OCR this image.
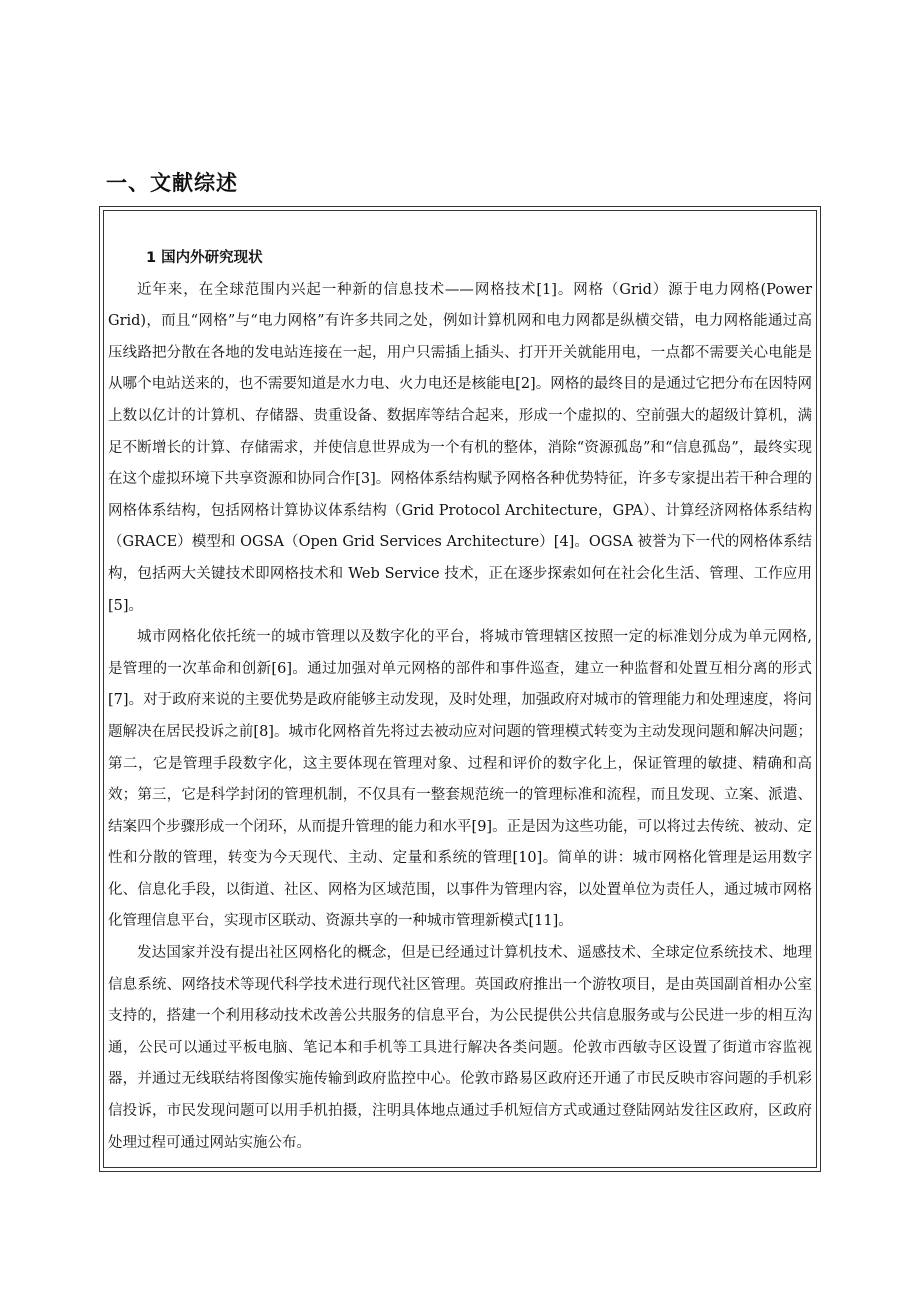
一、文献综述

1 国内外研究现状

近年来，在全球范围内兴起一种新的信息技术——网格技术[1]。网格（Grid）源于电力网格(Power Grid)，而且“网格”与“电力网格”有许多共同之处，例如计算机网和电力网都是纵横交错，电力网格能通过高压线路把分散在各地的发电站连接在一起，用户只需插上插头、打开开关就能用电，一点都不需要关心电能是从哪个电站送来的，也不需要知道是水力电、火力电还是核能电[2]。网格的最终目的是通过它把分布在因特网上数以亿计的计算机、存储器、贵重设备、数据库等结合起来，形成一个虚拟的、空前强大的超级计算机，满足不断增长的计算、存储需求，并使信息世界成为一个有机的整体，消除“资源孤岛”和“信息孤岛”，最终实现在这个虚拟环境下共享资源和协同合作[3]。网格体系结构赋予网格各种优势特征，许多专家提出若干种合理的网格体系结构，包括网格计算协议体系结构（Grid Protocol Architecture，GPA）、计算经济网格体系结构（GRACE）模型和 OGSA（Open Grid Services Architecture）[4]。OGSA 被誉为下一代的网格体系结构，包括两大关键技术即网格技术和 Web Service 技术，正在逐步探索如何在社会化生活、管理、工作应用[5]。

城市网格化依托统一的城市管理以及数字化的平台，将城市管理辖区按照一定的标准划分成为单元网格, 是管理的一次革命和创新[6]。通过加强对单元网格的部件和事件巡查，建立一种监督和处置互相分离的形式[7]。对于政府来说的主要优势是政府能够主动发现，及时处理，加强政府对城市的管理能力和处理速度，将问题解决在居民投诉之前[8]。城市化网格首先将过去被动应对问题的管理模式转变为主动发现问题和解决问题；第二，它是管理手段数字化，这主要体现在管理对象、过程和评价的数字化上，保证管理的敏捷、精确和高效；第三，它是科学封闭的管理机制，不仅具有一整套规范统一的管理标准和流程，而且发现、立案、派遣、结案四个步骤形成一个闭环，从而提升管理的能力和水平[9]。正是因为这些功能，可以将过去传统、被动、定性和分散的管理，转变为今天现代、主动、定量和系统的管理[10]。简单的讲：城市网格化管理是运用数字化、信息化手段，以街道、社区、网格为区域范围，以事件为管理内容，以处置单位为责任人，通过城市网格化管理信息平台，实现市区联动、资源共享的一种城市管理新模式[11]。

发达国家并没有提出社区网格化的概念，但是已经通过计算机技术、遥感技术、全球定位系统技术、地理信息系统、网络技术等现代科学技术进行现代社区管理。英国政府推出一个游牧项目，是由英国副首相办公室支持的，搭建一个利用移动技术改善公共服务的信息平台，为公民提供公共信息服务或与公民进一步的相互沟通，公民可以通过平板电脑、笔记本和手机等工具进行解决各类问题。伦敦市西敏寺区设置了街道市容监视器，并通过无线联结将图像实施传输到政府监控中心。伦敦市路易区政府还开通了市民反映市容问题的手机彩信投诉，市民发现问题可以用手机拍摄，注明具体地点通过手机短信方式或通过登陆网站发往区政府，区政府处理过程可通过网站实施公布。
